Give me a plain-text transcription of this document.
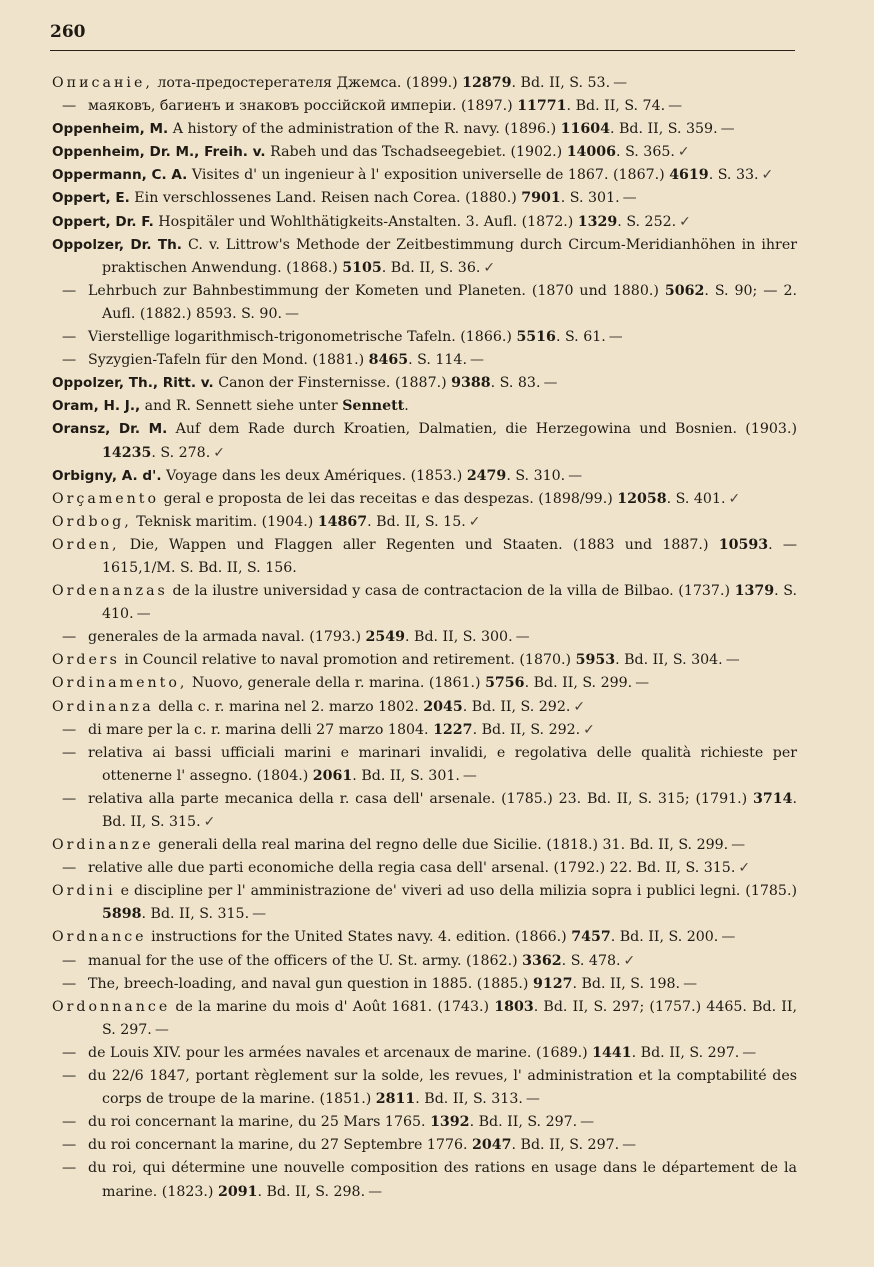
260
Описаніе, лота-предостерегателя Джемса. (1899.) 12879. Bd. II, S. 53. —
— маяковъ, багиенъ и знаковъ россійской имперіи. (1897.) 11771. Bd. II, S. 74. —
Oppenheim, M. A history of the administration of the R. navy. (1896.) 11604. Bd. II, S. 359. —
Oppenheim, Dr. M., Freih. v. Rabeh und das Tschadseegebiet. (1902.) 14006. S. 365. ✓
Oppermann, C. A. Visites d' un ingenieur à l' exposition universelle de 1867. (1867.) 4619. S. 33. ✓
Oppert, E. Ein verschlossenes Land. Reisen nach Corea. (1880.) 7901. S. 301. —
Oppert, Dr. F. Hospitäler und Wohlthätigkeits-Anstalten. 3. Aufl. (1872.) 1329. S. 252. ✓
Oppolzer, Dr. Th. C. v. Littrow's Methode der Zeitbestimmung durch Circum-Meridianhöhen in ihrer praktischen Anwendung. (1868.) 5105. Bd. II, S. 36. ✓
— Lehrbuch zur Bahnbestimmung der Kometen und Planeten. (1870 und 1880.) 5062. S. 90; — 2. Aufl. (1882.) 8593. S. 90. —
— Vierstellige logarithmisch-trigonometrische Tafeln. (1866.) 5516. S. 61. —
— Syzygien-Tafeln für den Mond. (1881.) 8465. S. 114. —
Oppolzer, Th., Ritt. v. Canon der Finsternisse. (1887.) 9388. S. 83. —
Oram, H. J., and R. Sennett siehe unter Sennett.
Oransz, Dr. M. Auf dem Rade durch Kroatien, Dalmatien, die Herzegowina und Bosnien. (1903.) 14235. S. 278. ✓
Orbigny, A. d'. Voyage dans les deux Amériques. (1853.) 2479. S. 310. —
Orçamento geral e proposta de lei das receitas e das despezas. (1898/99.) 12058. S. 401. ✓
Ordbog, Teknisk maritim. (1904.) 14867. Bd. II, S. 15. ✓
Orden, Die, Wappen und Flaggen aller Regenten und Staaten. (1883 und 1887.) 10593. — 1615,1/M. S. Bd. II, S. 156.
Ordenanzas de la ilustre universidad y casa de contractacion de la villa de Bilbao. (1737.) 1379. S. 410. —
— generales de la armada naval. (1793.) 2549. Bd. II, S. 300. —
Orders in Council relative to naval promotion and retirement. (1870.) 5953. Bd. II, S. 304. —
Ordinamento, Nuovo, generale della r. marina. (1861.) 5756. Bd. II, S. 299. —
Ordinanza della c. r. marina nel 2. marzo 1802. 2045. Bd. II, S. 292. ✓
— di mare per la c. r. marina delli 27 marzo 1804. 1227. Bd. II, S. 292. ✓
— relativa ai bassi ufficiali marini e marinari invalidi, e regolativa delle qualità richieste per ottenerne l' assegno. (1804.) 2061. Bd. II, S. 301. —
— relativa alla parte mecanica della r. casa dell' arsenale. (1785.) 23. Bd. II, S. 315; (1791.) 3714. Bd. II, S. 315. ✓
Ordinanze generali della real marina del regno delle due Sicilie. (1818.) 31. Bd. II, S. 299. —
— relative alle due parti economiche della regia casa dell' arsenal. (1792.) 22. Bd. II, S. 315. ✓
Ordini e discipline per l' amministrazione de' viveri ad uso della milizia sopra i publici legni. (1785.) 5898. Bd. II, S. 315. —
Ordnance instructions for the United States navy. 4. edition. (1866.) 7457. Bd. II, S. 200. —
— manual for the use of the officers of the U. St. army. (1862.) 3362. S. 478. ✓
— The, breech-loading, and naval gun question in 1885. (1885.) 9127. Bd. II, S. 198. —
Ordonnance de la marine du mois d' Août 1681. (1743.) 1803. Bd. II, S. 297; (1757.) 4465. Bd. II, S. 297. —
— de Louis XIV. pour les armées navales et arcenaux de marine. (1689.) 1441. Bd. II, S. 297. —
— du 22/6 1847, portant règlement sur la solde, les revues, l' administration et la comptabilité des corps de troupe de la marine. (1851.) 2811. Bd. II, S. 313. —
— du roi concernant la marine, du 25 Mars 1765. 1392. Bd. II, S. 297. —
— du roi concernant la marine, du 27 Septembre 1776. 2047. Bd. II, S. 297. —
— du roi, qui détermine une nouvelle composition des rations en usage dans le département de la marine. (1823.) 2091. Bd. II, S. 298. —
